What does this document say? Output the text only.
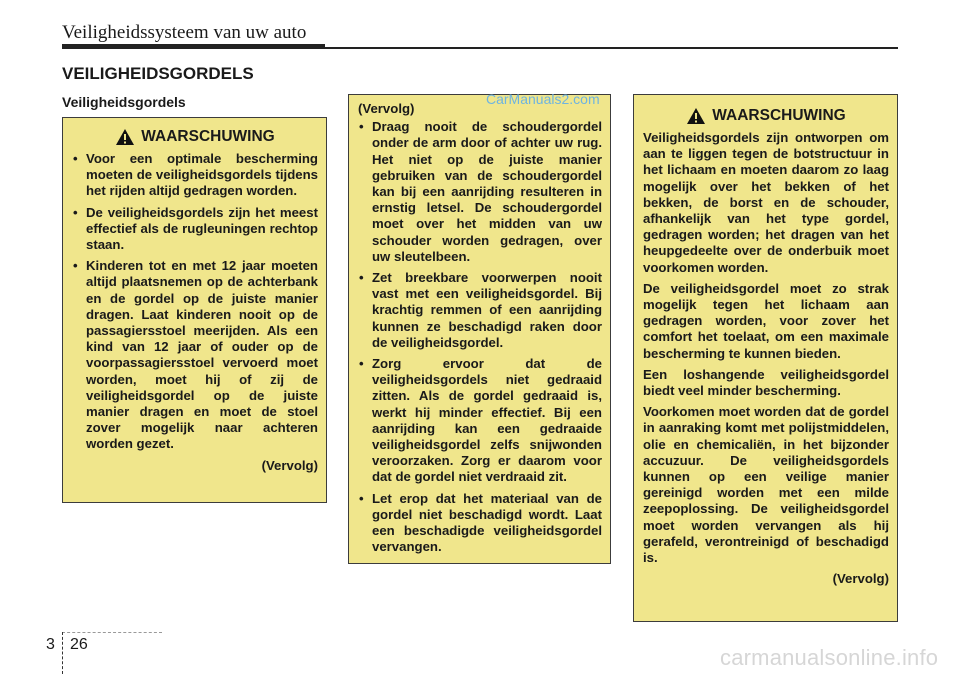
Veiligheidssysteem van uw auto
VEILIGHEIDSGORDELS
Veiligheidsgordels
WAARSCHUWING
• Voor een optimale bescherming moeten de veiligheidsgordels tijdens het rijden altijd gedragen worden.
• De veiligheidsgordels zijn het meest effectief als de rugleuningen rechtop staan.
• Kinderen tot en met 12 jaar moeten altijd plaatsnemen op de achterbank en de gordel op de juiste manier dragen. Laat kinderen nooit op de passagiersstoel meerijden. Als een kind van 12 jaar of ouder op de voorpassagiersstoel vervoerd moet worden, moet hij of zij de veiligheidsgordel op de juiste manier dragen en moet de stoel zover mogelijk naar achteren worden gezet.
(Vervolg)
(Vervolg)
• Draag nooit de schoudergordel onder de arm door of achter uw rug. Het niet op de juiste manier gebruiken van de schoudergordel kan bij een aanrijding resulteren in ernstig letsel. De schoudergordel moet over het midden van uw schouder worden gedragen, over uw sleutelbeen.
• Zet breekbare voorwerpen nooit vast met een veiligheidsgordel. Bij krachtig remmen of een aanrijding kunnen ze beschadigd raken door de veiligheidsgordel.
• Zorg ervoor dat de veiligheidsgordels niet gedraaid zitten. Als de gordel gedraaid is, werkt hij minder effectief. Bij een aanrijding kan een gedraaide veiligheidsgordel zelfs snijwonden veroorzaken. Zorg er daarom voor dat de gordel niet verdraaid zit.
• Let erop dat het materiaal van de gordel niet beschadigd wordt. Laat een beschadigde veiligheidsgordel vervangen.
WAARSCHUWING

Veiligheidsgordels zijn ontworpen om aan te liggen tegen de botstructuur in het lichaam en moeten daarom zo laag mogelijk over het bekken of het bekken, de borst en de schouder, afhankelijk van het type gordel, gedragen worden; het dragen van het heupgedeelte over de onderbuik moet voorkomen worden.

De veiligheidsgordel moet zo strak mogelijk tegen het lichaam aan gedragen worden, voor zover het comfort het toelaat, om een maximale bescherming te kunnen bieden.

Een loshangende veiligheidsgordel biedt veel minder bescherming.

Voorkomen moet worden dat de gordel in aanraking komt met polijstmiddelen, olie en chemicaliën, in het bijzonder accuzuur. De veiligheidsgordels kunnen op een veilige manier gereinigd worden met een milde zeepoplossing. De veiligheidsgordel moet worden vervangen als hij gerafeld, verontreinigd of beschadigd is.

(Vervolg)
CarManuals2.com
carmanualsonline.info
3 26
